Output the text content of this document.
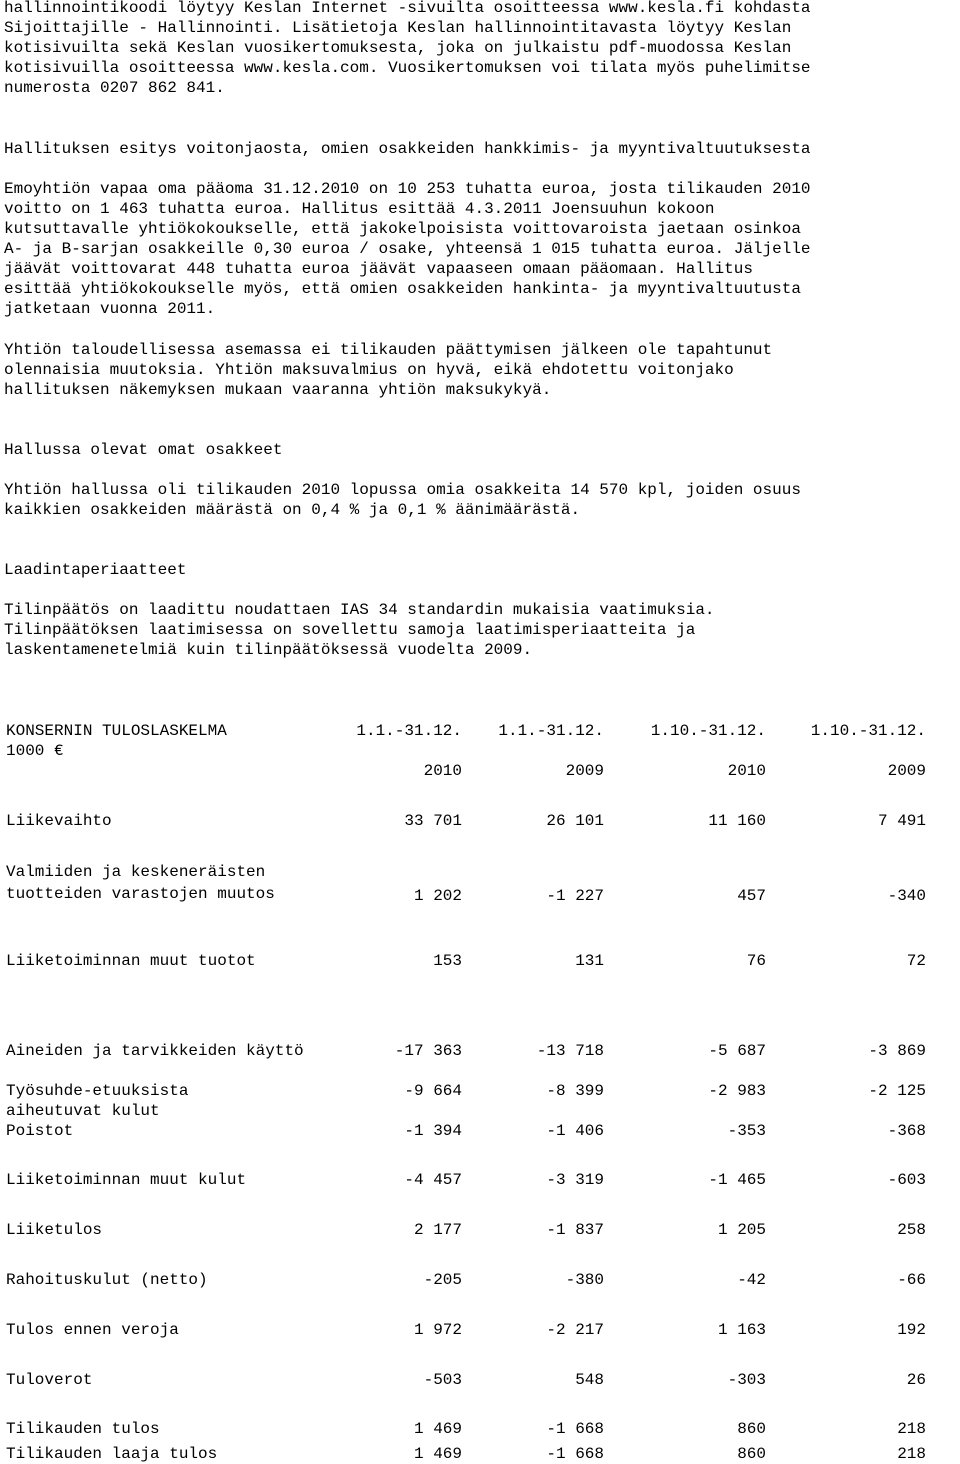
hallinnointikoodi löytyy Keslan Internet -sivuilta osoitteessa www.kesla.fi kohdasta
Sijoittajille - Hallinnointi. Lisätietoja Keslan hallinnointitavasta löytyy Keslan
kotisivuilta sekä Keslan vuosikertomuksesta, joka on julkaistu pdf-muodossa Keslan
kotisivuilla osoitteessa www.kesla.com. Vuosikertomuksen voi tilata myös puhelimitse
numerosta 0207 862 841.
Hallituksen esitys voitonjaosta, omien osakkeiden hankkimis- ja myyntivaltuutuksesta
Emoyhtiön vapaa oma pääoma 31.12.2010 on 10 253 tuhatta euroa, josta tilikauden 2010
voitto on 1 463 tuhatta euroa. Hallitus esittää 4.3.2011 Joensuuhun kokoon
kutsuttavalle yhtiökokoukselle, että jakokelpoisista voittovaroista jaetaan osinkoa
A- ja B-sarjan osakkeille 0,30 euroa / osake, yhteensä 1 015 tuhatta euroa. Jäljelle
jäävät voittovarat 448 tuhatta euroa jäävät vapaaseen omaan pääomaan. Hallitus
esittää yhtiökokoukselle myös, että omien osakkeiden hankinta- ja myyntivaltuutusta
jatketaan vuonna 2011.
Yhtiön taloudellisessa asemassa ei tilikauden päättymisen jälkeen ole tapahtunut
olennaisia muutoksia. Yhtiön maksuvalmius on hyvä, eikä ehdotettu voitonjako
hallituksen näkemyksen mukaan vaaranna yhtiön maksukykyä.
Hallussa olevat omat osakkeet
Yhtiön hallussa oli tilikauden 2010 lopussa omia osakkeita 14 570 kpl, joiden osuus
kaikkien osakkeiden määrästä on 0,4 % ja 0,1 % äänimäärästä.
Laadintaperiaatteet
Tilinpäätös on laadittu noudattaen IAS 34 standardin mukaisia vaatimuksia.
Tilinpäätöksen laatimisessa on sovellettu samoja laatimisperiaatteita ja
laskentamenetelmiä kuin tilinpäätöksessä vuodelta 2009.
KONSERNIN TULOSLASKELMA
1000 €
1.1.-31.12.	1.1.-31.12.	1.10.-31.12.	1.10.-31.12.
2010	2009	2010	2009
Liikevaihto	33 701	26 101	11 160	7 491
Valmiiden ja keskeneräisten tuotteiden varastojen muutos	1 202	-1 227	457	-340
Liiketoiminnan muut tuotot	153	131	76	72
Aineiden ja tarvikkeiden käyttö	-17 363	-13 718	-5 687	-3 869
Työsuhde-etuuksista aiheutuvat kulut
-9 664	-8 399	-2 983	-2 125
Poistot	-1 394	-1 406	-353	-368
Liiketoiminnan muut kulut	-4 457	-3 319	-1 465	-603
Liiketulos	2 177	-1 837	1 205	258
Rahoituskulut (netto)	-205	-380	-42	-66
Tulos ennen veroja	1 972	-2 217	1 163	192
Tuloverot	-503	548	-303	26
Tilikauden tulos	1 469	-1 668	860	218
Tilikauden laaja tulos	1 469	-1 668	860	218
